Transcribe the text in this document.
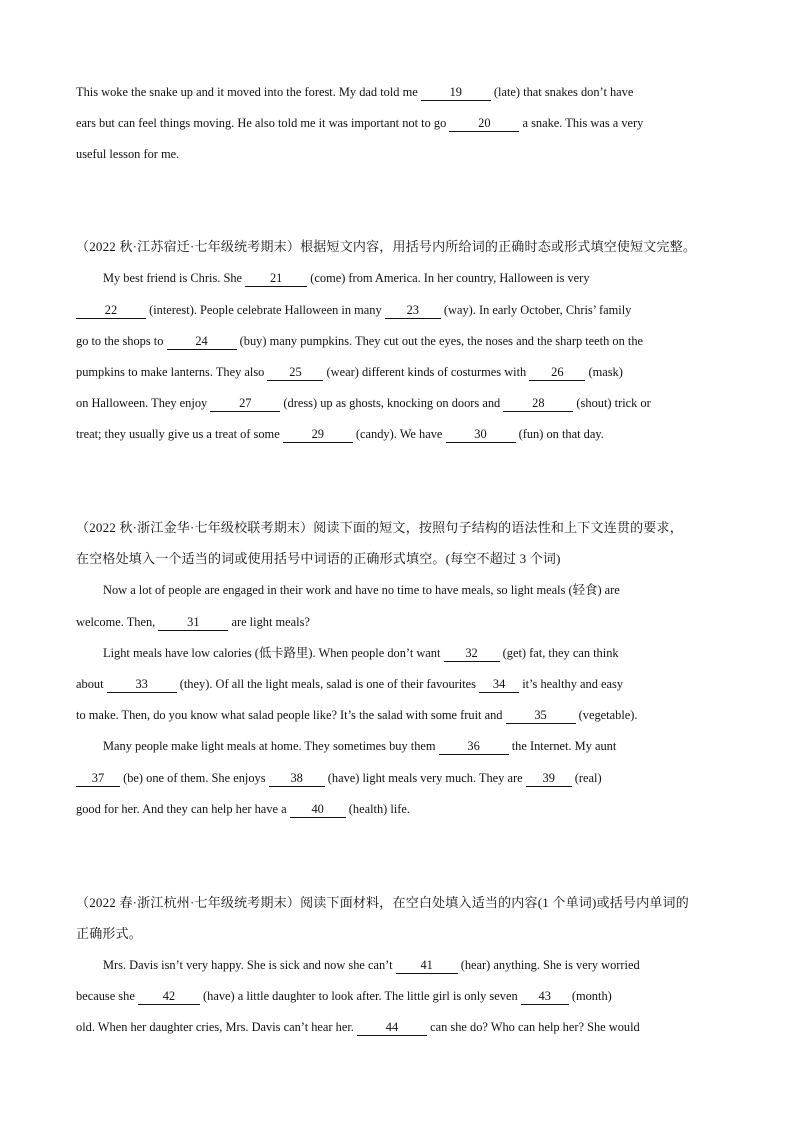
This woke the snake up and it moved into the forest. My dad told me 19 (late) that snakes don’t have
ears but can feel things moving. He also told me it was important not to go 20 a snake. This was a very
useful lesson for me.
（2022 秋·江苏宿迁·七年级统考期末）根据短文内容，用括号内所给词的正确时态或形式填空使短文完整。
My best friend is Chris. She 21 (come) from America. In her country, Halloween is very
22 (interest). People celebrate Halloween in many 23 (way). In early October, Chris’ family
go to the shops to 24 (buy) many pumpkins. They cut out the eyes, the noses and the sharp teeth on the
pumpkins to make lanterns. They also 25 (wear) different kinds of costurmes with 26 (mask)
on Halloween. They enjoy 27 (dress) up as ghosts, knocking on doors and 28 (shout) trick or
treat; they usually give us a treat of some 29 (candy). We have 30 (fun) on that day.
（2022 秋·浙江金华·七年级校联考期末）阅读下面的短文，按照句子结构的语法性和上下文连贯的要求，
在空格处填入一个适当的词或使用括号中词语的正确形式填空。(每空不超过 3 个词)
Now a lot of people are engaged in their work and have no time to have meals, so light meals (轻食) are
welcome. Then, 31 are light meals?
Light meals have low calories (低卡路里). When people don’t want 32 (get) fat, they can think
about 33 (they). Of all the light meals, salad is one of their favourites 34 it’s healthy and easy
to make. Then, do you know what salad people like? It’s the salad with some fruit and 35 (vegetable).
Many people make light meals at home. They sometimes buy them 36 the Internet. My aunt
37 (be) one of them. She enjoys 38 (have) light meals very much. They are 39 (real)
good for her. And they can help her have a 40 (health) life.
（2022 春·浙江杭州·七年级统考期末）阅读下面材料，在空白处填入适当的内容(1 个单词)或括号内单词的
正确形式。
Mrs. Davis isn’t very happy. She is sick and now she can’t 41 (hear) anything. She is very worried
because she 42 (have) a little daughter to look after. The little girl is only seven 43 (month)
old. When her daughter cries, Mrs. Davis can’t hear her. 44 can she do? Who can help her? She would
